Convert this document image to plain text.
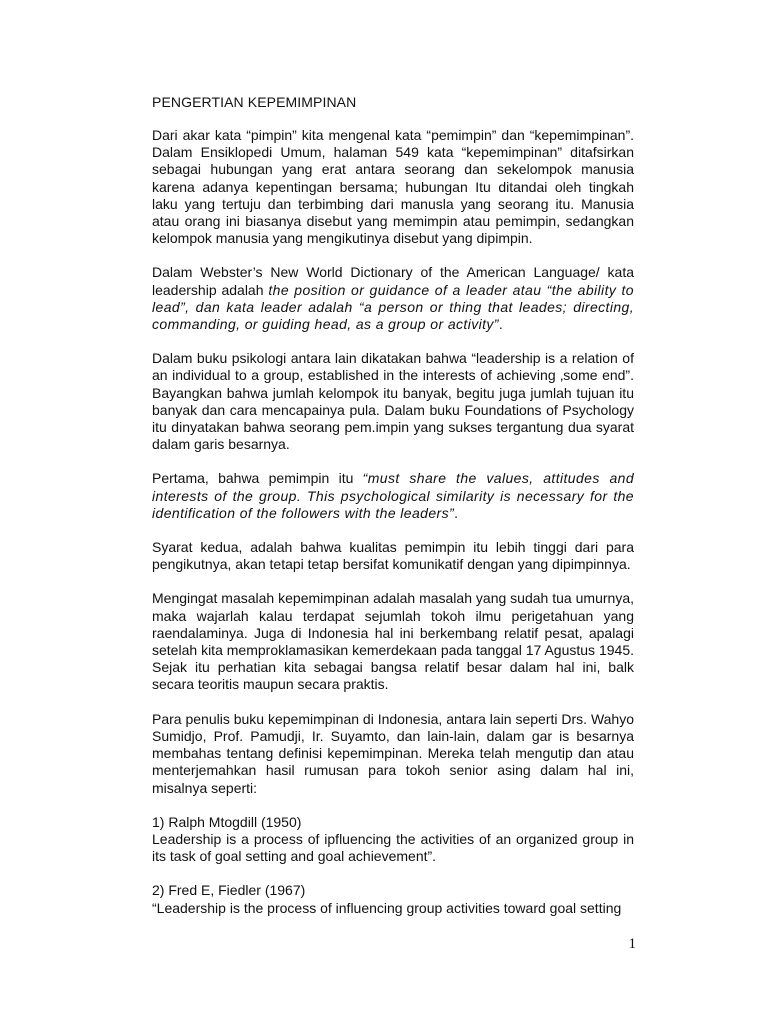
PENGERTIAN KEPEMIMPINAN

Dari akar kata “pimpin” kita mengenal kata “pemimpin” dan “kepemimpinan”. Dalam Ensiklopedi Umum, halaman 549 kata “kepemimpinan” ditafsirkan sebagai hubungan yang erat antara seorang dan sekelompok manusia karena adanya kepentingan bersama; hubungan Itu ditandai oleh tingkah laku yang tertuju dan terbimbing dari manusla yang seorang itu. Manusia atau orang ini biasanya disebut yang memimpin atau pemimpin, sedangkan kelompok manusia yang mengikutinya disebut yang dipimpin.

Dalam Webster’s New World Dictionary of the American Language/ kata leadership adalah the position or guidance of a leader atau “the ability to lead”, dan kata leader adalah “a person or thing that leades; directing, commanding, or guiding head, as a group or activity”.

Dalam buku psikologi antara lain dikatakan bahwa “leadership is a relation of an individual to a group, established in the interests of achieving ‚some end”. Bayangkan bahwa jumlah kelompok itu banyak, begitu juga jumlah tujuan itu banyak dan cara mencapainya pula. Dalam buku Foundations of Psychology itu dinyatakan bahwa seorang pem.impin yang sukses tergantung dua syarat dalam garis besarnya.

Pertama, bahwa pemimpin itu “must share the values, attitudes and interests of the group. This psychological similarity is necessary for the identification of the followers with the leaders”.

Syarat kedua, adalah bahwa kualitas pemimpin itu lebih tinggi dari para pengikutnya, akan tetapi tetap bersifat komunikatif dengan yang dipimpinnya.

Mengingat masalah kepemimpinan adalah masalah yang sudah tua umurnya, maka wajarlah kalau terdapat sejumlah tokoh ilmu perigetahuan yang raendalaminya. Juga di Indonesia hal ini berkembang relatif pesat, apalagi setelah kita memproklamasikan kemerdekaan pada tanggal 17 Agustus 1945. Sejak itu perhatian kita sebagai bangsa relatif besar dalam hal ini, balk secara teoritis maupun secara praktis.

Para penulis buku kepemimpinan di Indonesia, antara lain seperti Drs. Wahyo Sumidjo, Prof. Pamudji, Ir. Suyamto, dan lain-lain, dalam gar is besarnya membahas tentang definisi kepemimpinan. Mereka telah mengutip dan atau menterjemahkan hasil rumusan para tokoh senior asing dalam hal ini, misalnya seperti:

1) Ralph Mtogdill (1950)

Leadership is a process of ipfluencing the activities of an organized group in its task of goal setting and goal achievement”.

2) Fred E, Fiedler (1967)

“Leadership is the process of influencing group activities toward goal setting

1
